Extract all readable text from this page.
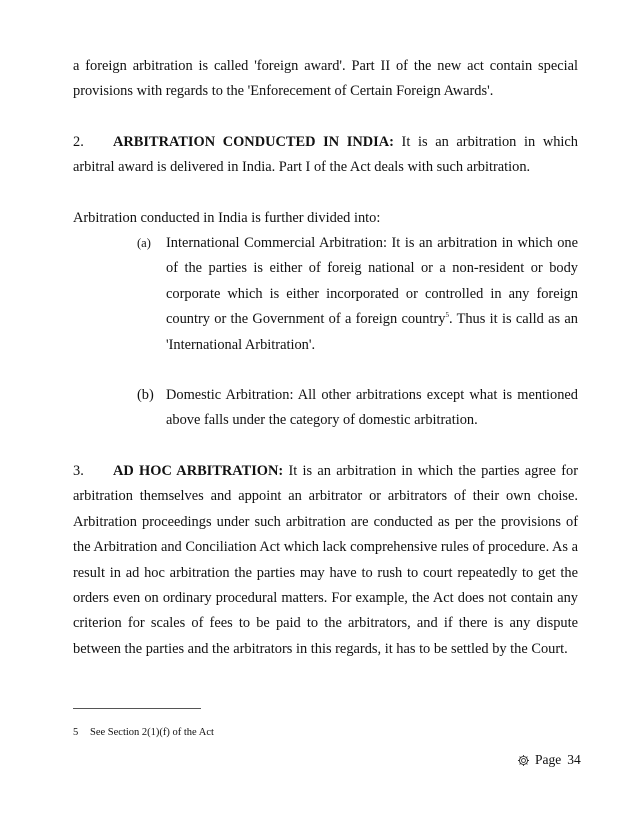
a foreign arbitration is called 'foreign award'. Part II of the new act contain special provisions with regards to the 'Enforecement of Certain Foreign Awards'.

2. ARBITRATION CONDUCTED IN INDIA: It is an arbitration in which arbitral award is delivered in India. Part I of the Act deals with such arbitration.

Arbitration conducted in India is further divided into:

(a) International Commercial Arbitration: It is an arbitration in which one of the parties is either of foreig national or a non-resident or body corporate which is either incorporated or controlled in any foreign country or the Government of a foreign country$^5$. Thus it is calld as an 'International Arbitration'.

(b) Domestic Arbitration: All other arbitrations except what is mentioned above falls under the category of domestic arbitration.

3. AD HOC ARBITRATION: It is an arbitration in which the parties agree for arbitration themselves and appoint an arbitrator or arbitrators of their own choise. Arbitration proceedings under such arbitration are conducted as per the provisions of the Arbitration and Conciliation Act which lack comprehensive rules of procedure. As a result in ad hoc arbitration the parties may have to rush to court repeatedly to get the orders even on ordinary procedural matters. For example, the Act does not contain any criterion for scales of fees to be paid to the arbitrators, and if there is any dispute between the parties and the arbitrators in this regards, it has to be settled by the Court.

5 See Section 2(1)(f) of the Act
Page 34
